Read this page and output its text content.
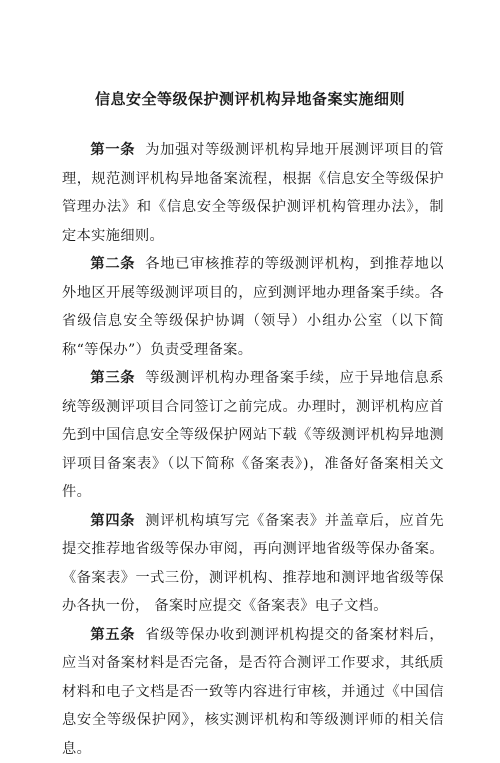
信息安全等级保护测评机构异地备案实施细则

第一条 为加强对等级测评机构异地开展测评项目的管理，规范测评机构异地备案流程，根据《信息安全等级保护管理办法》和《信息安全等级保护测评机构管理办法》，制定本实施细则。

第二条 各地已审核推荐的等级测评机构，到推荐地以外地区开展等级测评项目的，应到测评地办理备案手续。各省级信息安全等级保护协调（领导）小组办公室（以下简称“等保办”）负责受理备案。

第三条 等级测评机构办理备案手续，应于异地信息系统等级测评项目合同签订之前完成。办理时，测评机构应首先到中国信息安全等级保护网站下载《等级测评机构异地测评项目备案表》（以下简称《备案表》)，准备好备案相关文件。

第四条 测评机构填写完《备案表》并盖章后，应首先提交推荐地省级等保办审阅，再向测评地省级等保办备案。《备案表》一式三份，测评机构、推荐地和测评地省级等保办各执一份， 备案时应提交《备案表》电子文档。

第五条 省级等保办收到测评机构提交的备案材料后，应当对备案材料是否完备，是否符合测评工作要求，其纸质材料和电子文档是否一致等内容进行审核，并通过《中国信息安全等级保护网》，核实测评机构和等级测评师的相关信息。
